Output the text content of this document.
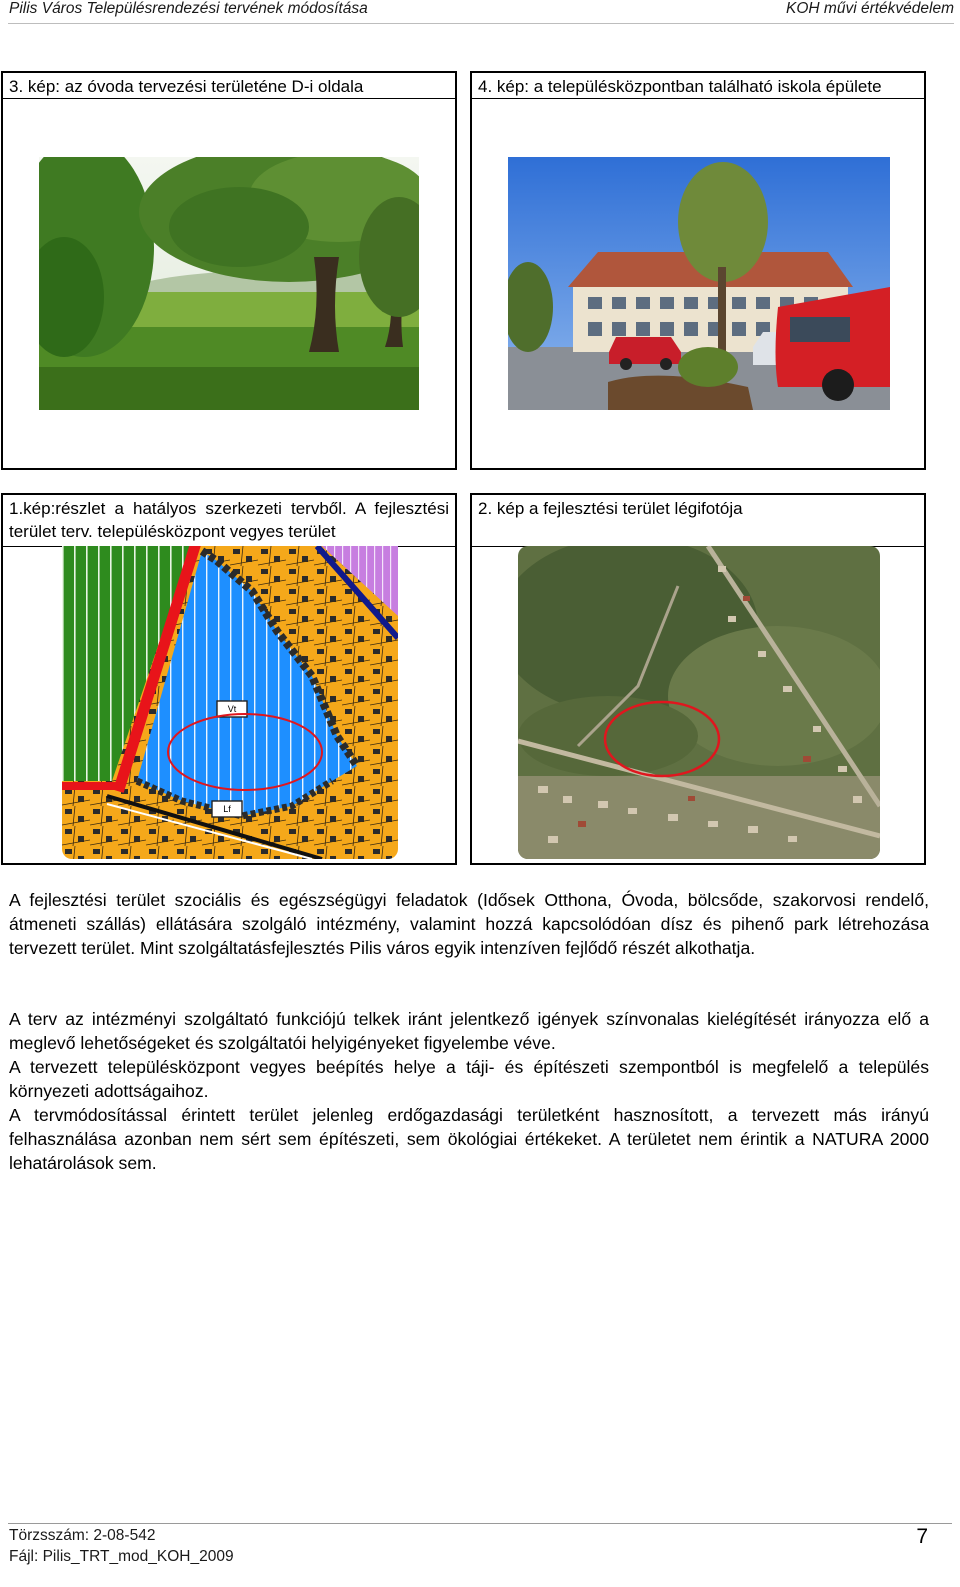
Pilis Város Településrendezési tervének módosítása	KOH művi értékvédelem
3. kép: az óvoda tervezési területéne D-i oldala	4. kép: a településközpontban található iskola épülete
1.kép:részlet a hatályos szerkezeti tervből. A fejlesztési terület terv. településközpont vegyes terület
Vt
Lf
2. kép a fejlesztési terület légifotója

A fejlesztési terület szociális és egészségügyi feladatok (Idősek Otthona, Óvoda, bölcsőde, szakorvosi rendelő, átmeneti szállás) ellátására szolgáló intézmény, valamint hozzá kapcsolódóan dísz és pihenő park létrehozása tervezett terület. Mint szolgáltatásfejlesztés Pilis város egyik intenzíven fejlődő részét alkothatja.

A terv az intézményi szolgáltató funkciójú telkek iránt jelentkező igények színvonalas kielégítését irányozza elő a meglevő lehetőségeket és szolgáltatói helyigényeket figyelembe véve.

A tervezett településközpont vegyes beépítés helye a táji- és építészeti szempontból is megfelelő a település környezeti adottságaihoz.

A tervmódosítással érintett terület jelenleg erdőgazdasági területként hasznosított, a tervezett más irányú felhasználása azonban nem sért sem építészeti, sem ökológiai értékeket. A területet nem érintik a NATURA 2000 lehatárolások sem.

Törzsszám: 2-08-542
Fájl: Pilis_TRT_mod_KOH_2009
7
